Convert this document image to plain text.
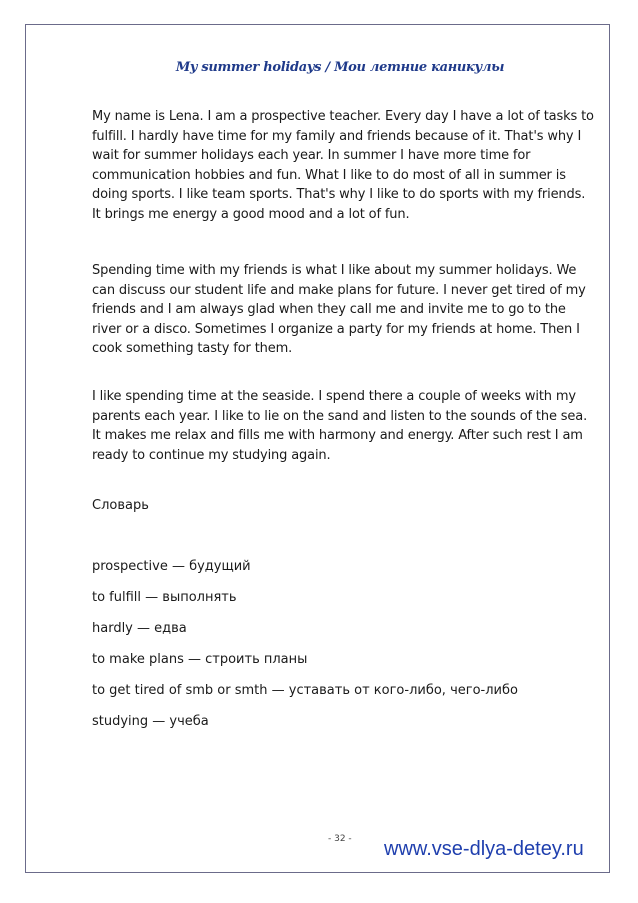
My summer holidays / Мои летние каникулы

My name is Lena. I am a prospective teacher. Every day I have a lot of tasks to fulfill. I hardly have time for my family and friends because of it. That's why I wait for summer holidays each year. In summer I have more time for communication hobbies and fun. What I like to do most of all in summer is doing sports. I like team sports. That's why I like to do sports with my friends. It brings me energy a good mood and a lot of fun.

Spending time with my friends is what I like about my summer holidays. We can discuss our student life and make plans for future. I never get tired of my friends and I am always glad when they call me and invite me to go to the river or a disco. Sometimes I organize a party for my friends at home. Then I cook something tasty for them.

I like spending time at the seaside. I spend there a couple of weeks with my parents each year. I like to lie on the sand and listen to the sounds of the sea. It makes me relax and fills me with harmony and energy. After such rest I am ready to continue my studying again.

Словарь

prospective — будущий
to fulfill — выполнять
hardly — едва
to make plans — строить планы
to get tired of smb or smth — уставать от кого-либо, чего-либо
studying — учеба
- 32 - www.vse-dlya-detey.ru
